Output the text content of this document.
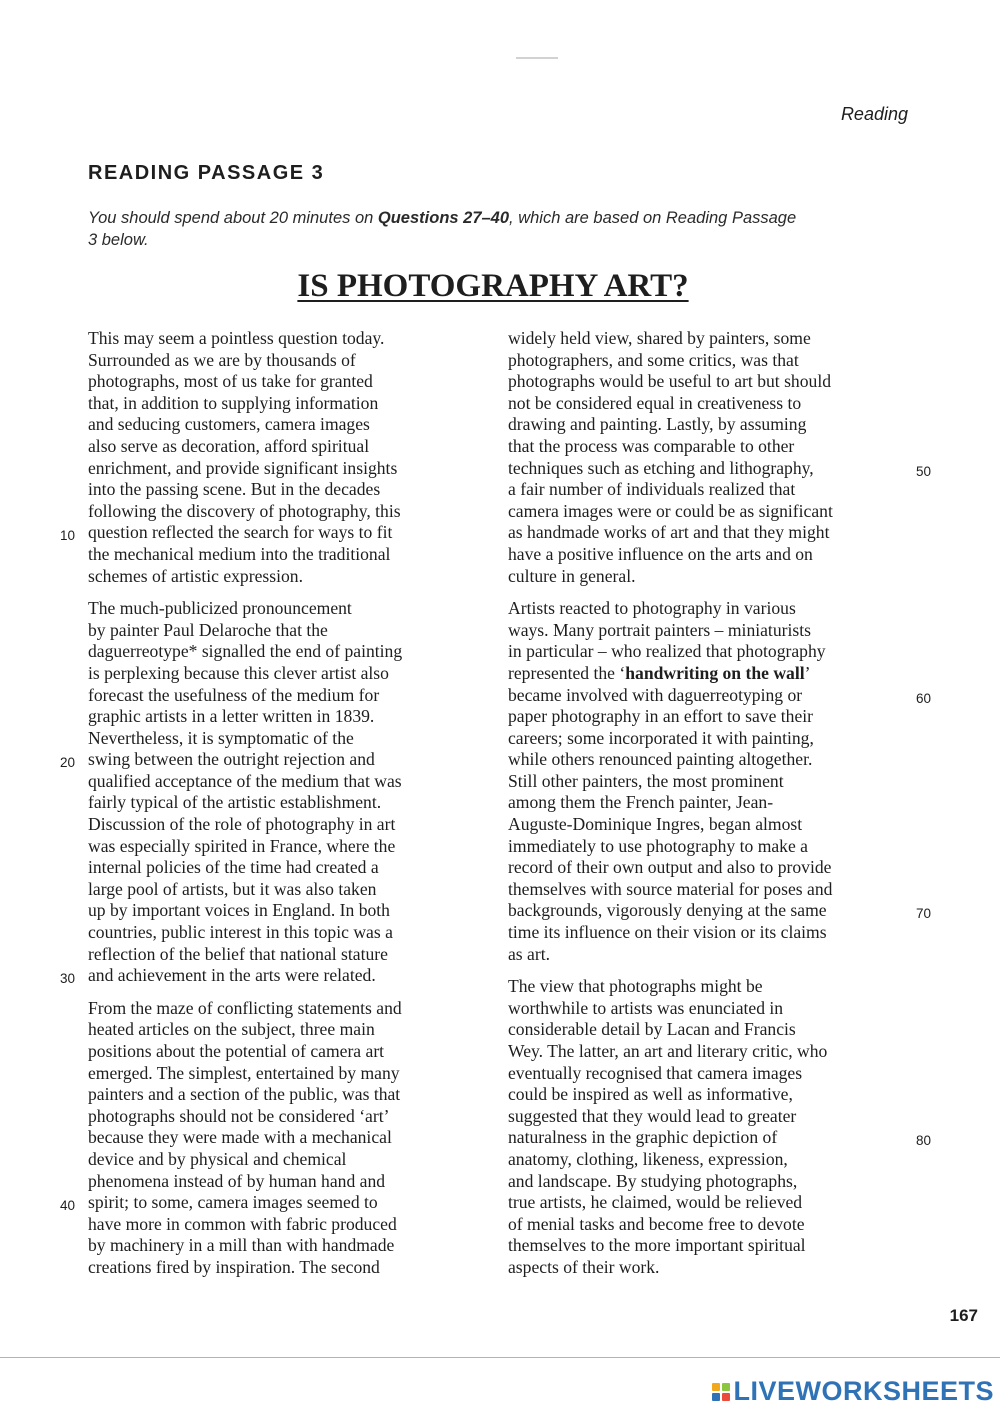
Reading
READING PASSAGE 3
You should spend about 20 minutes on Questions 27–40, which are based on Reading Passage 3 below.
IS PHOTOGRAPHY ART?
This may seem a pointless question today.
Surrounded as we are by thousands of
photographs, most of us take for granted
that, in addition to supplying information
and seducing customers, camera images
also serve as decoration, afford spiritual
enrichment, and provide significant insights
into the passing scene. But in the decades
following the discovery of photography, this
question reflected the search for ways to fit
10
the mechanical medium into the traditional
schemes of artistic expression.
The much-publicized pronouncement
by painter Paul Delaroche that the
daguerreotype* signalled the end of painting
is perplexing because this clever artist also
forecast the usefulness of the medium for
graphic artists in a letter written in 1839.
Nevertheless, it is symptomatic of the
swing between the outright rejection and
20
qualified acceptance of the medium that was
fairly typical of the artistic establishment.
Discussion of the role of photography in art
was especially spirited in France, where the
internal policies of the time had created a
large pool of artists, but it was also taken
up by important voices in England. In both
countries, public interest in this topic was a
reflection of the belief that national stature
and achievement in the arts were related.
30
From the maze of conflicting statements and
heated articles on the subject, three main
positions about the potential of camera art
emerged. The simplest, entertained by many
painters and a section of the public, was that
photographs should not be considered ‘art’
because they were made with a mechanical
device and by physical and chemical
phenomena instead of by human hand and
spirit; to some, camera images seemed to
40
have more in common with fabric produced
by machinery in a mill than with handmade
creations fired by inspiration. The second
widely held view, shared by painters, some
photographers, and some critics, was that
photographs would be useful to art but should
not be considered equal in creativeness to
drawing and painting. Lastly, by assuming
that the process was comparable to other
techniques such as etching and lithography,	50
a fair number of individuals realized that
camera images were or could be as significant
as handmade works of art and that they might
have a positive influence on the arts and on
culture in general.
Artists reacted to photography in various
ways. Many portrait painters – miniaturists
in particular – who realized that photography
represented the ‘handwriting on the wall’
became involved with daguerreotyping or	60
paper photography in an effort to save their
careers; some incorporated it with painting,
while others renounced painting altogether.
Still other painters, the most prominent
among them the French painter, Jean-
Auguste-Dominique Ingres, began almost
immediately to use photography to make a
record of their own output and also to provide
themselves with source material for poses and
backgrounds, vigorously denying at the same	70
time its influence on their vision or its claims
as art.
The view that photographs might be
worthwhile to artists was enunciated in
considerable detail by Lacan and Francis
Wey. The latter, an art and literary critic, who
eventually recognised that camera images
could be inspired as well as informative,
suggested that they would lead to greater
naturalness in the graphic depiction of	80
anatomy, clothing, likeness, expression,
and landscape. By studying photographs,
true artists, he claimed, would be relieved
of menial tasks and become free to devote
themselves to the more important spiritual
aspects of their work.
167
LIVEWORKSHEETS
